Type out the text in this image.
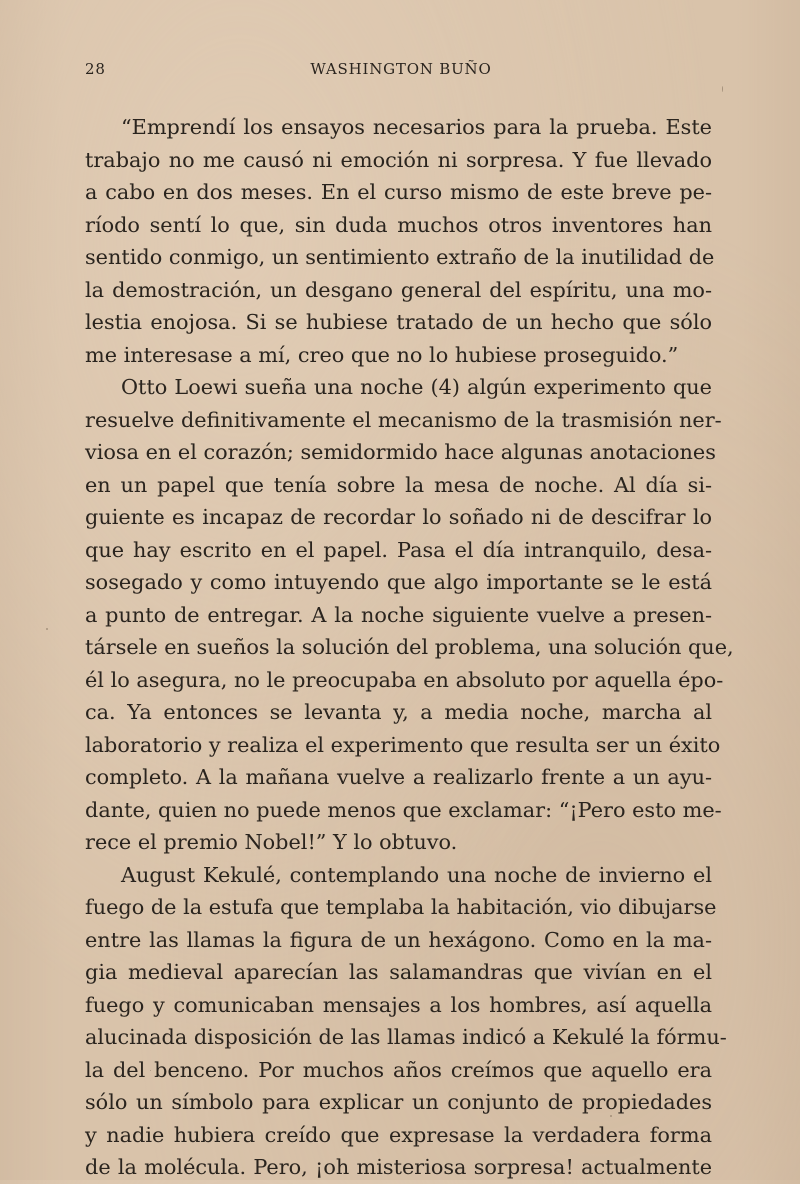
28	WASHINGTON BUÑO
“Emprendí los ensayos necesarios para la prueba. Este
trabajo no me causó ni emoción ni sorpresa. Y fue llevado
a cabo en dos meses. En el curso mismo de este breve pe-
ríodo sentí lo que, sin duda muchos otros inventores han
sentido conmigo, un sentimiento extraño de la inutilidad de
la demostración, un desgano general del espíritu, una mo-
lestia enojosa. Si se hubiese tratado de un hecho que sólo
me interesase a mí, creo que no lo hubiese proseguido.”
Otto Loewi sueña una noche (4) algún experimento que
resuelve definitivamente el mecanismo de la trasmisión ner-
viosa en el corazón; semidormido hace algunas anotaciones
en un papel que tenía sobre la mesa de noche. Al día si-
guiente es incapaz de recordar lo soñado ni de descifrar lo
que hay escrito en el papel. Pasa el día intranquilo, desa-
sosegado y como intuyendo que algo importante se le está
a punto de entregar. A la noche siguiente vuelve a presen-
társele en sueños la solución del problema, una solución que,
él lo asegura, no le preocupaba en absoluto por aquella épo-
ca. Ya entonces se levanta y, a media noche, marcha al
laboratorio y realiza el experimento que resulta ser un éxito
completo. A la mañana vuelve a realizarlo frente a un ayu-
dante, quien no puede menos que exclamar: “¡Pero esto me-
rece el premio Nobel!” Y lo obtuvo.
August Kekulé, contemplando una noche de invierno el
fuego de la estufa que templaba la habitación, vio dibujarse
entre las llamas la figura de un hexágono. Como en la ma-
gia medieval aparecían las salamandras que vivían en el
fuego y comunicaban mensajes a los hombres, así aquella
alucinada disposición de las llamas indicó a Kekulé la fórmu-
la del benceno. Por muchos años creímos que aquello era
sólo un símbolo para explicar un conjunto de propiedades
y nadie hubiera creído que expresase la verdadera forma
de la molécula. Pero, ¡oh misteriosa sorpresa! actualmente
